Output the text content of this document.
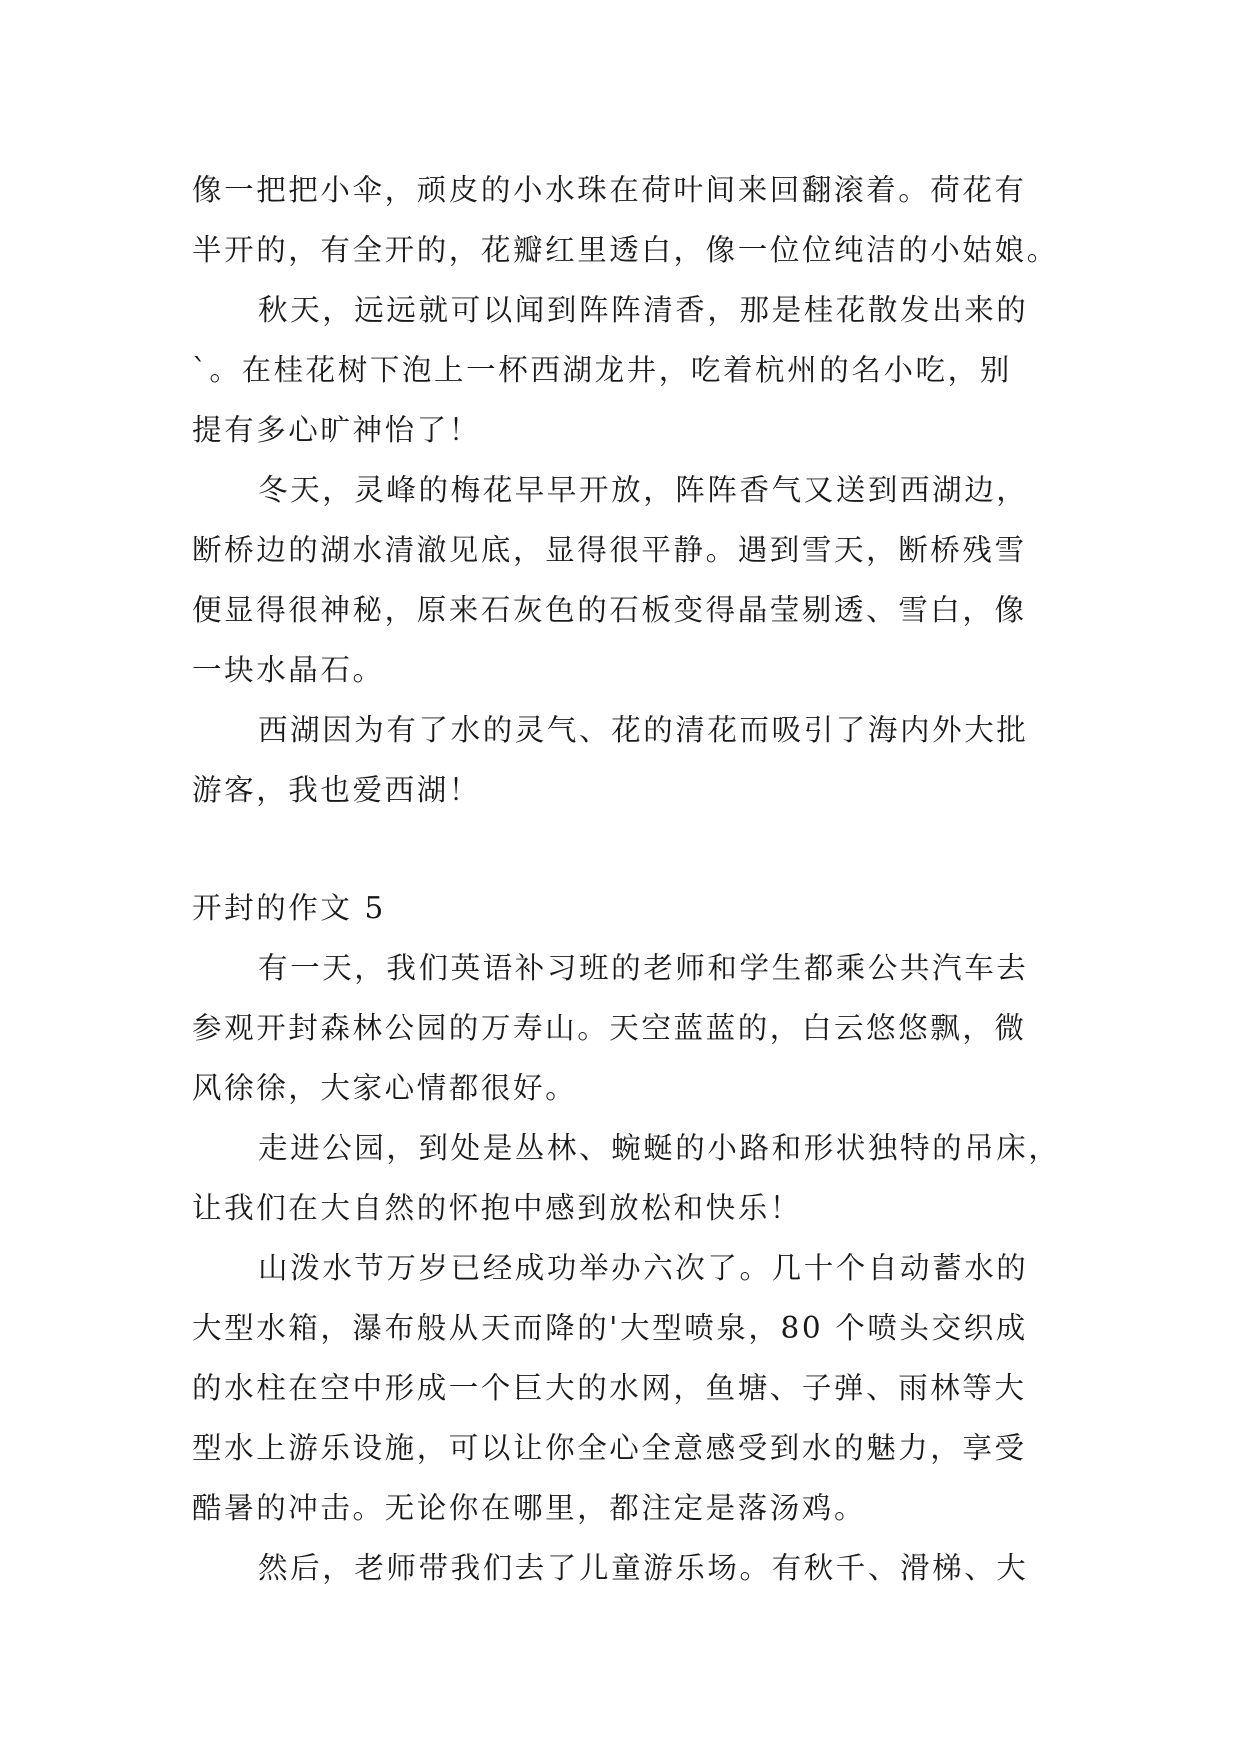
像一把把小伞，顽皮的小水珠在荷叶间来回翻滚着。荷花有
半开的，有全开的，花瓣红里透白，像一位位纯洁的小姑娘。
秋天，远远就可以闻到阵阵清香，那是桂花散发出来的
`。在桂花树下泡上一杯西湖龙井，吃着杭州的名小吃，别
提有多心旷神怡了！
冬天，灵峰的梅花早早开放，阵阵香气又送到西湖边，
断桥边的湖水清澈见底，显得很平静。遇到雪天，断桥残雪
便显得很神秘，原来石灰色的石板变得晶莹剔透、雪白，像
一块水晶石。
西湖因为有了水的灵气、花的清花而吸引了海内外大批
游客，我也爱西湖！
开封的作文 5
有一天，我们英语补习班的老师和学生都乘公共汽车去
参观开封森林公园的万寿山。天空蓝蓝的，白云悠悠飘，微
风徐徐，大家心情都很好。
走进公园，到处是丛林、蜿蜒的小路和形状独特的吊床，
让我们在大自然的怀抱中感到放松和快乐！
山泼水节万岁已经成功举办六次了。几十个自动蓄水的
大型水箱，瀑布般从天而降的'大型喷泉，80 个喷头交织成
的水柱在空中形成一个巨大的水网，鱼塘、子弹、雨林等大
型水上游乐设施，可以让你全心全意感受到水的魅力，享受
酷暑的冲击。无论你在哪里，都注定是落汤鸡。
然后，老师带我们去了儿童游乐场。有秋千、滑梯、大
